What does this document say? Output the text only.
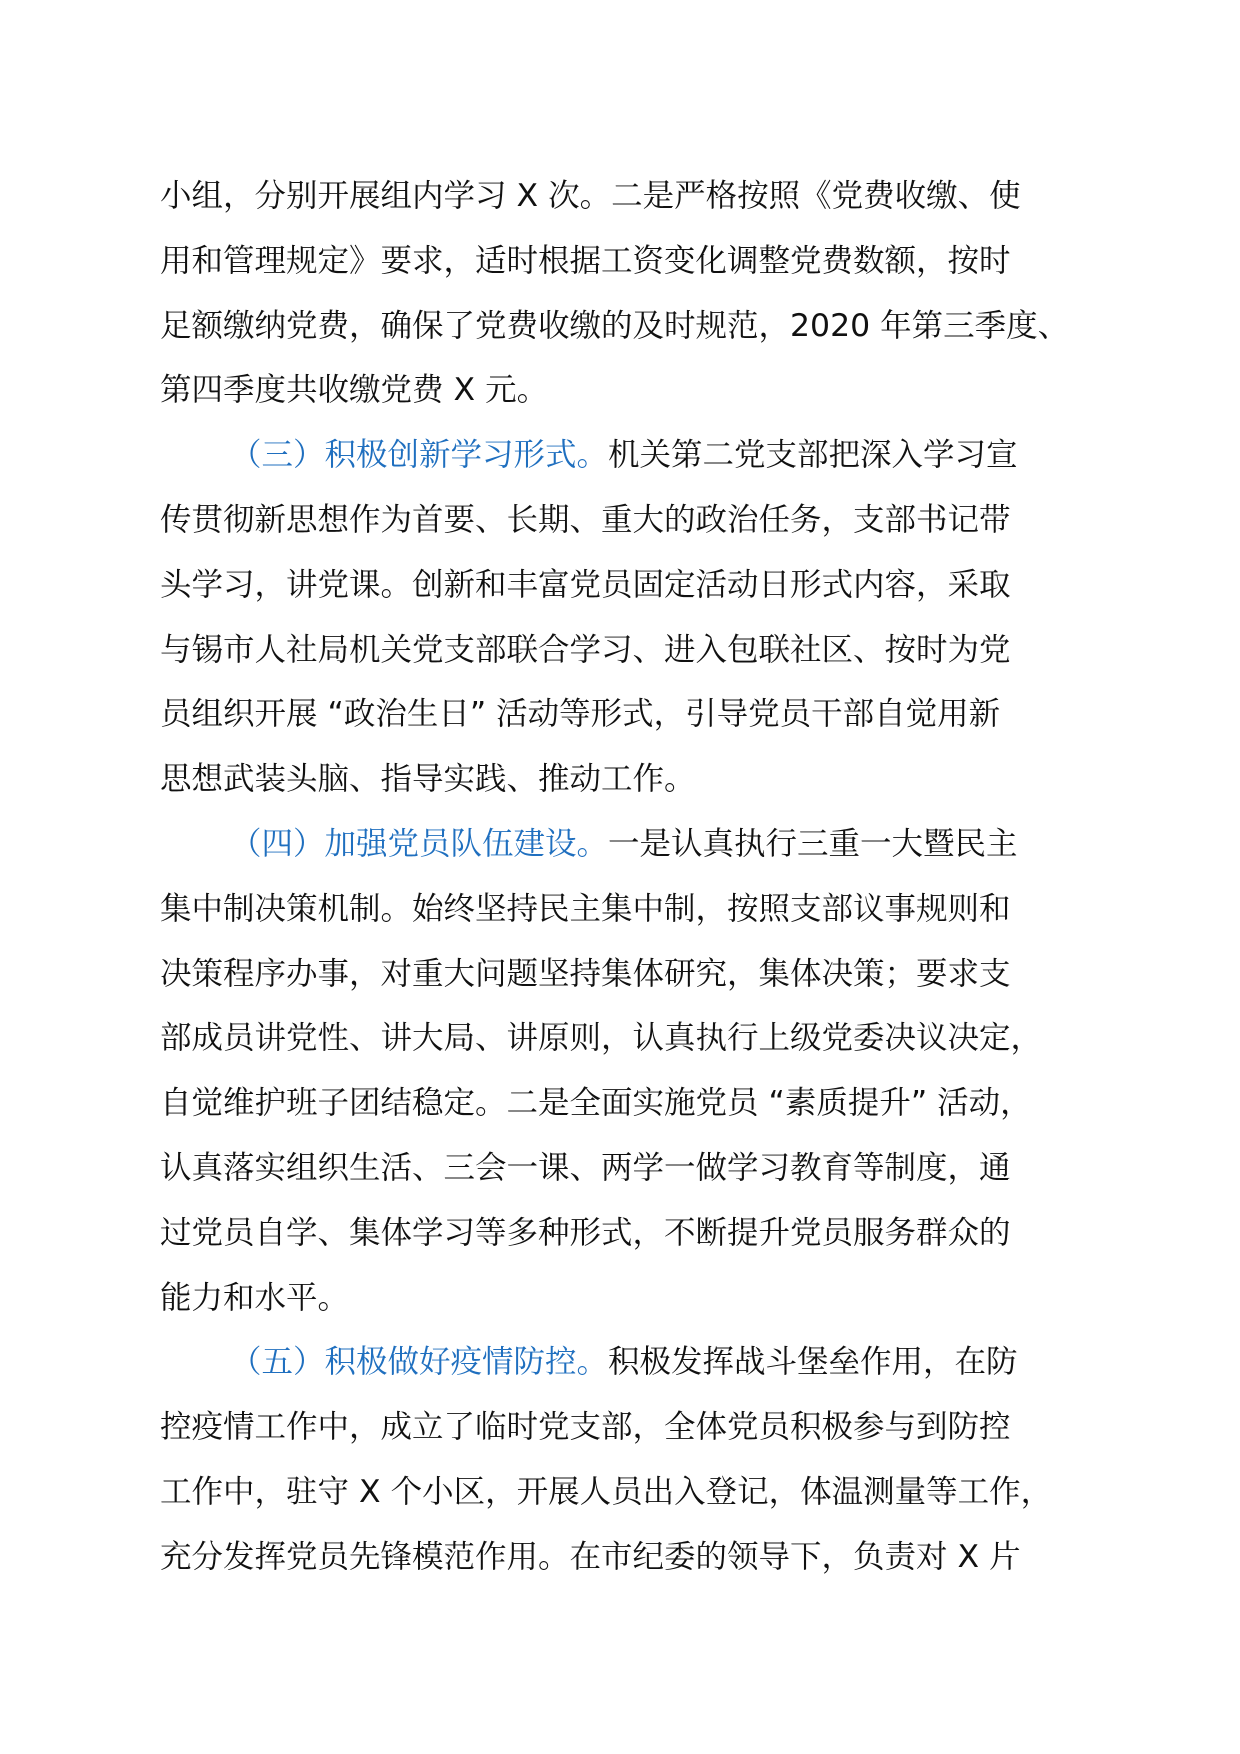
小组，分别开展组内学习 X 次。二是严格按照《党费收缴、使
用和管理规定》要求，适时根据工资变化调整党费数额，按时
足额缴纳党费，确保了党费收缴的及时规范，2020 年第三季度、
第四季度共收缴党费 X 元。
（三）积极创新学习形式。机关第二党支部把深入学习宣
传贯彻新思想作为首要、长期、重大的政治任务，支部书记带
头学习，讲党课。创新和丰富党员固定活动日形式内容，采取
与锡市人社局机关党支部联合学习、进入包联社区、按时为党
员组织开展 “政治生日” 活动等形式，引导党员干部自觉用新
思想武装头脑、指导实践、推动工作。
（四）加强党员队伍建设。一是认真执行三重一大暨民主
集中制决策机制。始终坚持民主集中制，按照支部议事规则和
决策程序办事，对重大问题坚持集体研究，集体决策；要求支
部成员讲党性、讲大局、讲原则，认真执行上级党委决议决定，
自觉维护班子团结稳定。二是全面实施党员 “素质提升” 活动，
认真落实组织生活、三会一课、两学一做学习教育等制度，通
过党员自学、集体学习等多种形式，不断提升党员服务群众的
能力和水平。
（五）积极做好疫情防控。积极发挥战斗堡垒作用，在防
控疫情工作中，成立了临时党支部，全体党员积极参与到防控
工作中，驻守 X 个小区，开展人员出入登记，体温测量等工作，
充分发挥党员先锋模范作用。在市纪委的领导下，负责对 X 片
